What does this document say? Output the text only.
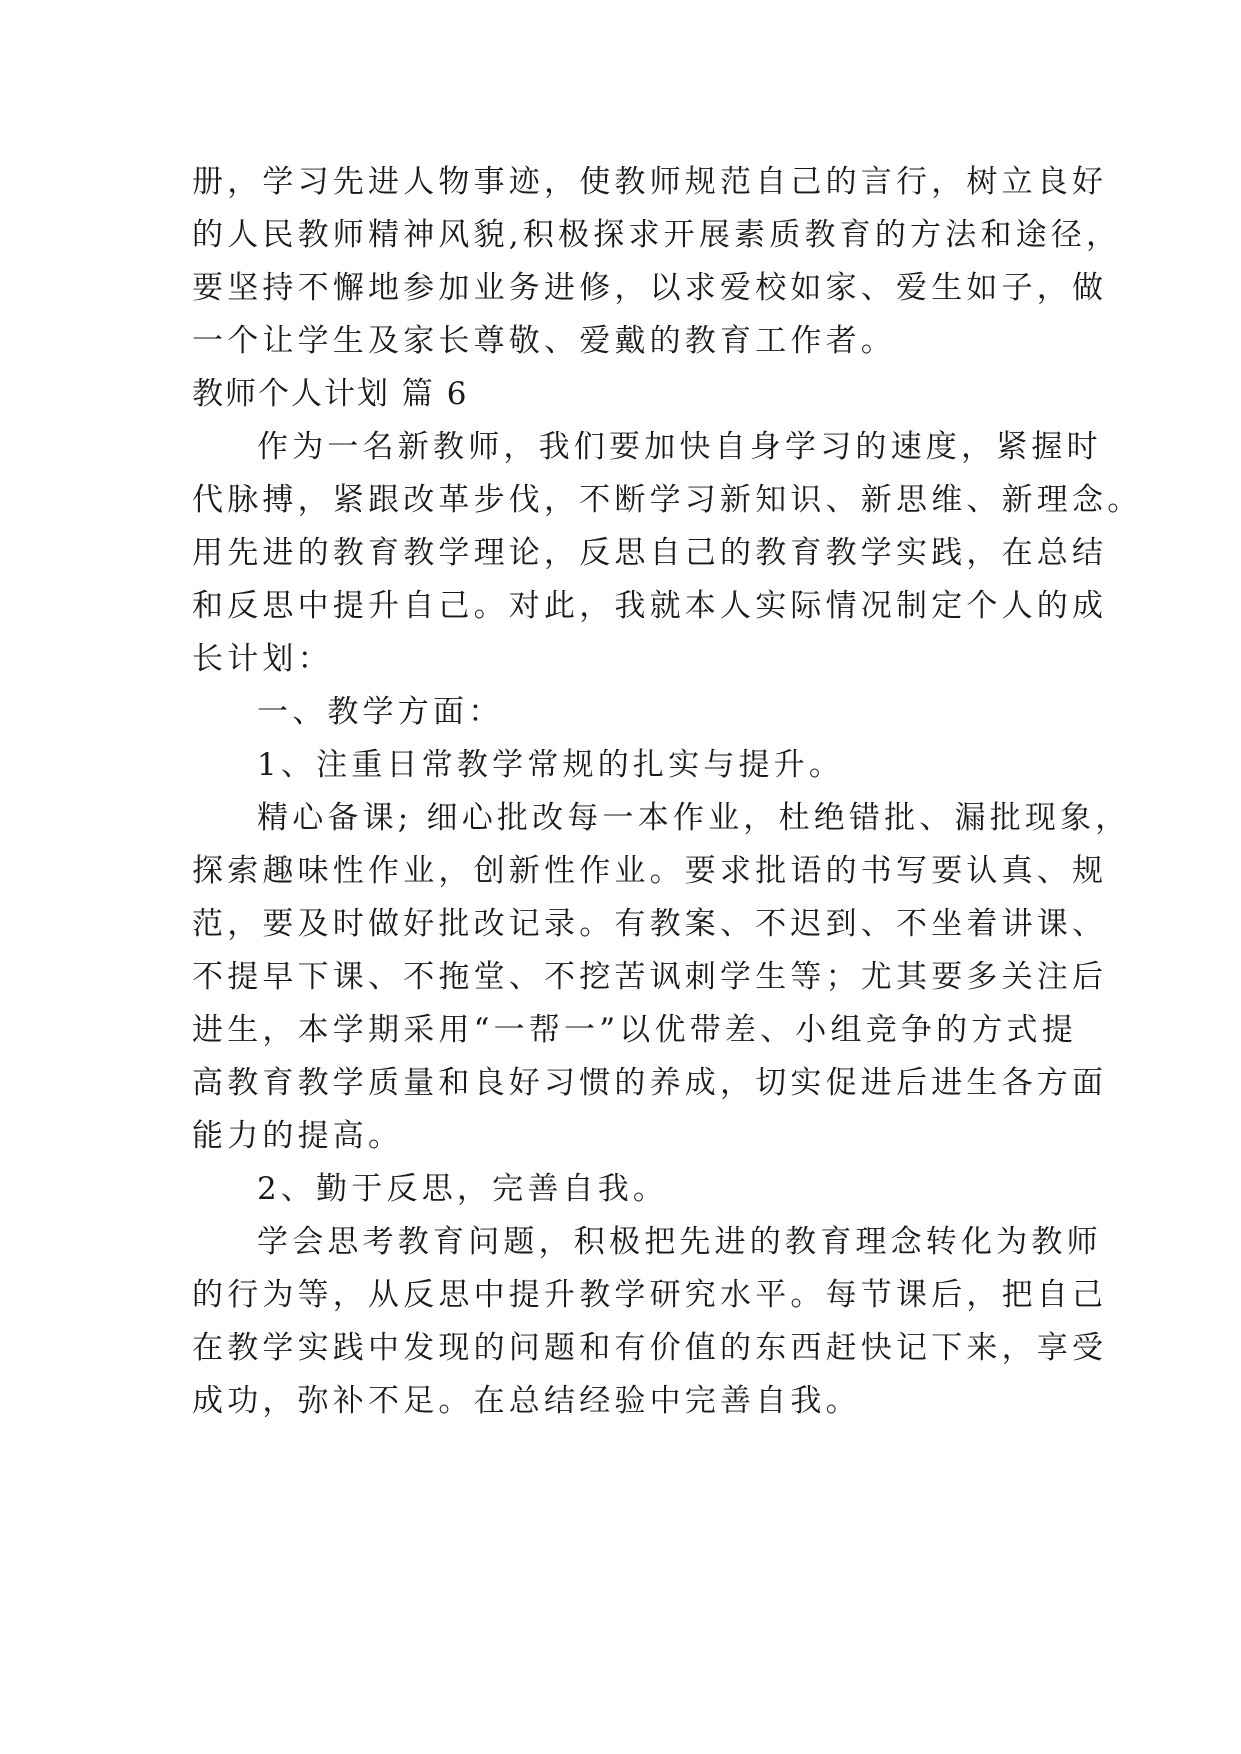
册，学习先进人物事迹，使教师规范自己的言行，树立良好
的人民教师精神风貌,积极探求开展素质教育的方法和途径，
要坚持不懈地参加业务进修，以求爱校如家、爱生如子，做
一个让学生及家长尊敬、爱戴的教育工作者。
教师个人计划 篇 6
作为一名新教师，我们要加快自身学习的速度，紧握时
代脉搏，紧跟改革步伐，不断学习新知识、新思维、新理念。
用先进的教育教学理论，反思自己的教育教学实践，在总结
和反思中提升自己。对此，我就本人实际情况制定个人的成
长计划：
一、教学方面：
1、注重日常教学常规的扎实与提升。
精心备课; 细心批改每一本作业，杜绝错批、漏批现象，
探索趣味性作业，创新性作业。要求批语的书写要认真、规
范，要及时做好批改记录。有教案、不迟到、不坐着讲课、
不提早下课、不拖堂、不挖苦讽刺学生等；尤其要多关注后
进生，本学期采用“一帮一”以优带差、小组竞争的方式提
高教育教学质量和良好习惯的养成，切实促进后进生各方面
能力的提高。
2、勤于反思，完善自我。
学会思考教育问题，积极把先进的教育理念转化为教师
的行为等，从反思中提升教学研究水平。每节课后，把自己
在教学实践中发现的问题和有价值的东西赶快记下来，享受
成功，弥补不足。在总结经验中完善自我。
